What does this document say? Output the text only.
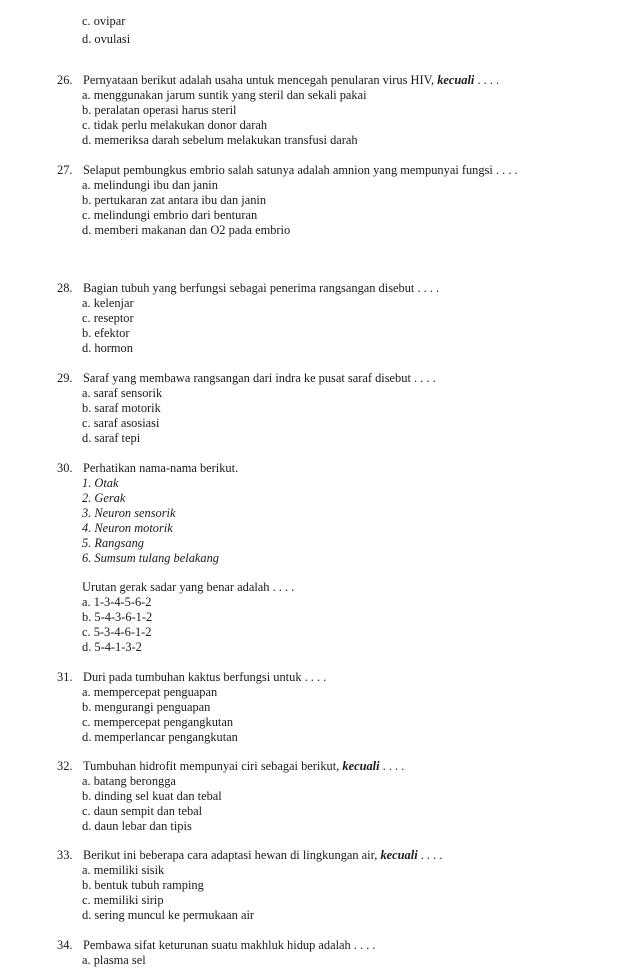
c. ovipar
d. ovulasi
26. Pernyataan berikut adalah usaha untuk mencegah penularan virus HIV, kecuali . . . .
a. menggunakan jarum suntik yang steril dan sekali pakai
b. peralatan operasi harus steril
c. tidak perlu melakukan donor darah
d. memeriksa darah sebelum melakukan transfusi darah
27. Selaput pembungkus embrio salah satunya adalah amnion yang mempunyai fungsi . . . .
a. melindungi ibu dan janin
b. pertukaran zat antara ibu dan janin
c. melindungi embrio dari benturan
d. memberi makanan dan O2 pada embrio
28. Bagian tubuh yang berfungsi sebagai penerima rangsangan disebut . . . .
a. kelenjar
c. reseptor
b. efektor
d. hormon
29. Saraf yang membawa rangsangan dari indra ke pusat saraf disebut . . . .
a. saraf sensorik
b. saraf motorik
c. saraf asosiasi
d. saraf tepi
30. Perhatikan nama-nama berikut.
1. Otak
2. Gerak
3. Neuron sensorik
4. Neuron motorik
5. Rangsang
6. Sumsum tulang belakang
Urutan gerak sadar yang benar adalah . . . .
a. 1-3-4-5-6-2
b. 5-4-3-6-1-2
c. 5-3-4-6-1-2
d. 5-4-1-3-2
31. Duri pada tumbuhan kaktus berfungsi untuk . . . .
a. mempercepat penguapan
b. mengurangi penguapan
c. mempercepat pengangkutan
d. memperlancar pengangkutan
32. Tumbuhan hidrofit mempunyai ciri sebagai berikut, kecuali . . . .
a. batang berongga
b. dinding sel kuat dan tebal
c. daun sempit dan tebal
d. daun lebar dan tipis
33. Berikut ini beberapa cara adaptasi hewan di lingkungan air, kecuali . . . .
a. memiliki sisik
b. bentuk tubuh ramping
c. memiliki sirip
d. sering muncul ke permukaan air
34. Pembawa sifat keturunan suatu makhluk hidup adalah . . . .
a. plasma sel
